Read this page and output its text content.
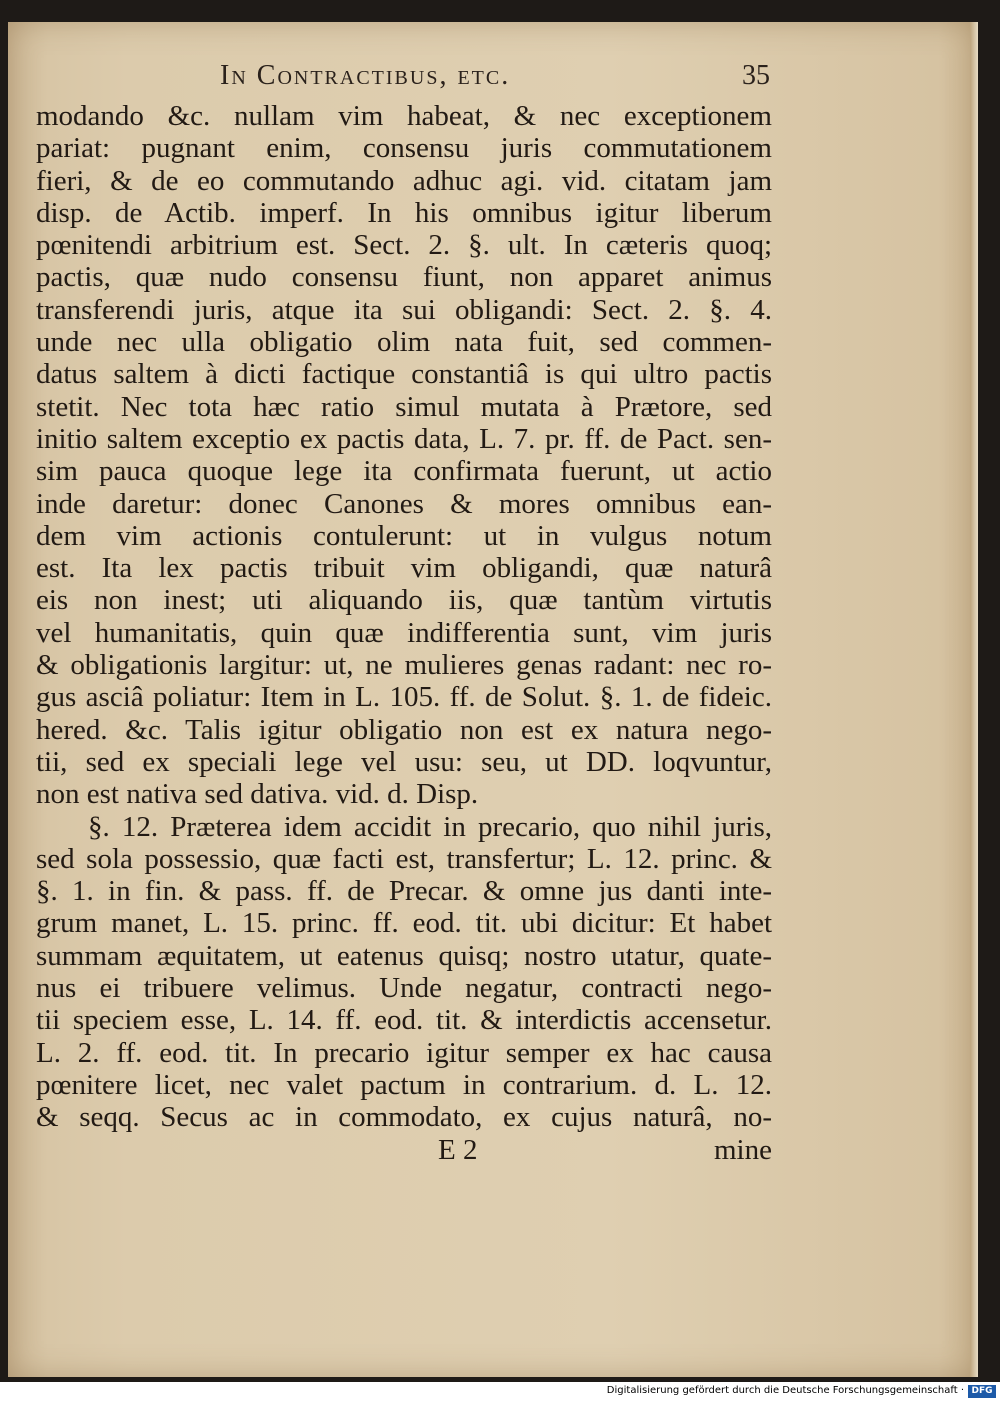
In Contractibus, etc.	35
modando &c. nullam vim habeat, & nec exceptionem
pariat: pugnant enim, consensu juris commutationem
fieri, & de eo commutando adhuc agi. vid. citatam jam
disp. de Actib. imperf. In his omnibus igitur liberum
pœnitendi arbitrium est. Sect. 2. §. ult. In cæteris quoq;
pactis, quæ nudo consensu fiunt, non apparet animus
transferendi juris, atque ita sui obligandi: Sect. 2. §. 4.
unde nec ulla obligatio olim nata fuit, sed commen-
datus saltem à dicti factique constantiâ is qui ultro pactis
stetit. Nec tota hæc ratio simul mutata à Prætore, sed
initio saltem exceptio ex pactis data, L. 7. pr. ff. de Pact. sen-
sim pauca quoque lege ita confirmata fuerunt, ut actio
inde daretur: donec Canones & mores omnibus ean-
dem vim actionis contulerunt: ut in vulgus notum
est. Ita lex pactis tribuit vim obligandi, quæ naturâ
eis non inest; uti aliquando iis, quæ tantùm virtutis
vel humanitatis, quin quæ indifferentia sunt, vim juris
& obligationis largitur: ut, ne mulieres genas radant: nec ro-
gus asciâ poliatur: Item in L. 105. ff. de Solut. §. 1. de fideic.
hered. &c. Talis igitur obligatio non est ex natura nego-
tii, sed ex speciali lege vel usu: seu, ut DD. loqvuntur,
non est nativa sed dativa. vid. d. Disp.
§. 12. Præterea idem accidit in precario, quo nihil juris,
sed sola possessio, quæ facti est, transfertur; L. 12. princ. &
§. 1. in fin. & pass. ff. de Precar. & omne jus danti inte-
grum manet, L. 15. princ. ff. eod. tit. ubi dicitur: Et habet
summam æquitatem, ut eatenus quisq; nostro utatur, quate-
nus ei tribuere velimus. Unde negatur, contracti nego-
tii speciem esse, L. 14. ff. eod. tit. & interdictis accensetur.
L. 2. ff. eod. tit. In precario igitur semper ex hac causa
pœnitere licet, nec valet pactum in contrarium. d. L. 12.
& seqq. Secus ac in commodato, ex cujus naturâ, no-
E 2	mine
Digitalisierung gefördert durch die Deutsche Forschungsgemeinschaft · DFG
